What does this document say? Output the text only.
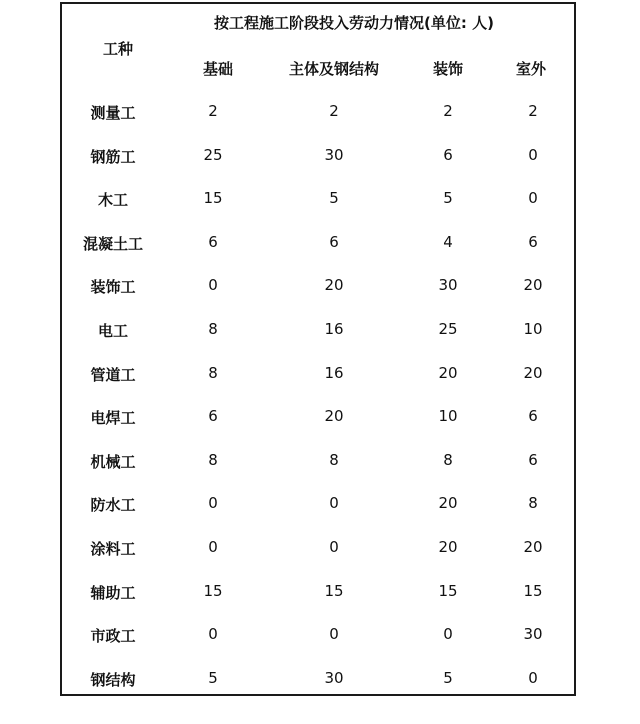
按工程施工阶段投入劳动力情况(单位: 人)
工种
基础	主体及钢结构	装饰	室外
测量工	2	2	2	2
钢筋工	25	30	6	0
木工	15	5	5	0
混凝土工	6	6	4	6
装饰工	0	20	30	20
电工	8	16	25	10
管道工	8	16	20	20
电焊工	6	20	10	6
机械工	8	8	8	6
防水工	0	0	20	8
涂料工	0	0	20	20
辅助工	15	15	15	15
市政工	0	0	0	30
钢结构	5	30	5	0
